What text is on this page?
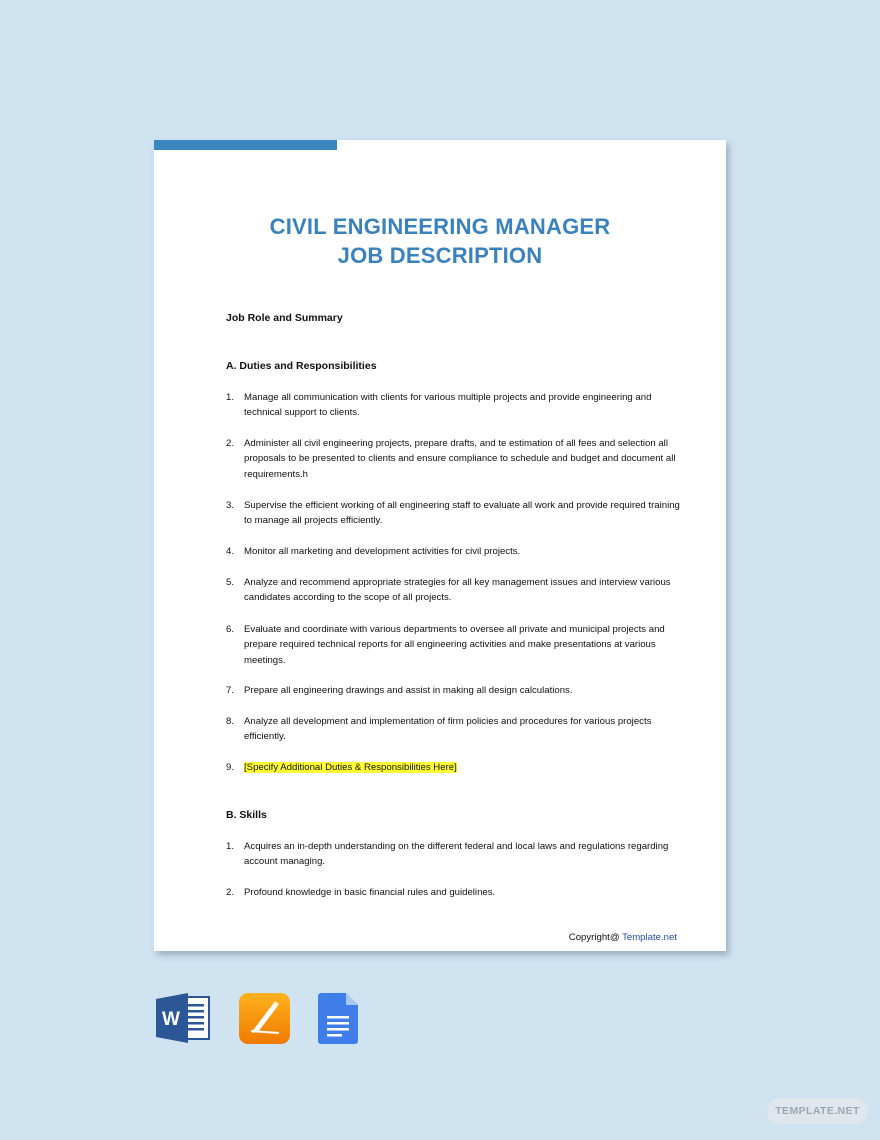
CIVIL ENGINEERING MANAGER
JOB DESCRIPTION
Job Role and Summary
A. Duties and Responsibilities
1. Manage all communication with clients for various multiple projects and provide engineering and technical support to clients.
2. Administer all civil engineering projects, prepare drafts, and te estimation of all fees and selection all proposals to be presented to clients and ensure compliance to schedule and budget and document all requirements.h
3. Supervise the efficient working of all engineering staff to evaluate all work and provide required training to manage all projects efficiently.
4. Monitor all marketing and development activities for civil projects.
5. Analyze and recommend appropriate strategies for all key management issues and interview various candidates according to the scope of all projects.
6. Evaluate and coordinate with various departments to oversee all private and municipal projects and prepare required technical reports for all engineering activities and make presentations at various meetings.
7. Prepare all engineering drawings and assist in making all design calculations.
8. Analyze all development and implementation of firm policies and procedures for various projects efficiently.
9. [Specify Additional Duties & Responsibilities Here]
B. Skills
1. Acquires an in-depth understanding on the different federal and local laws and regulations regarding account managing.
2. Profound knowledge in basic financial rules and guidelines.
Copyright@ Template.net
W
TEMPLATE.NET
